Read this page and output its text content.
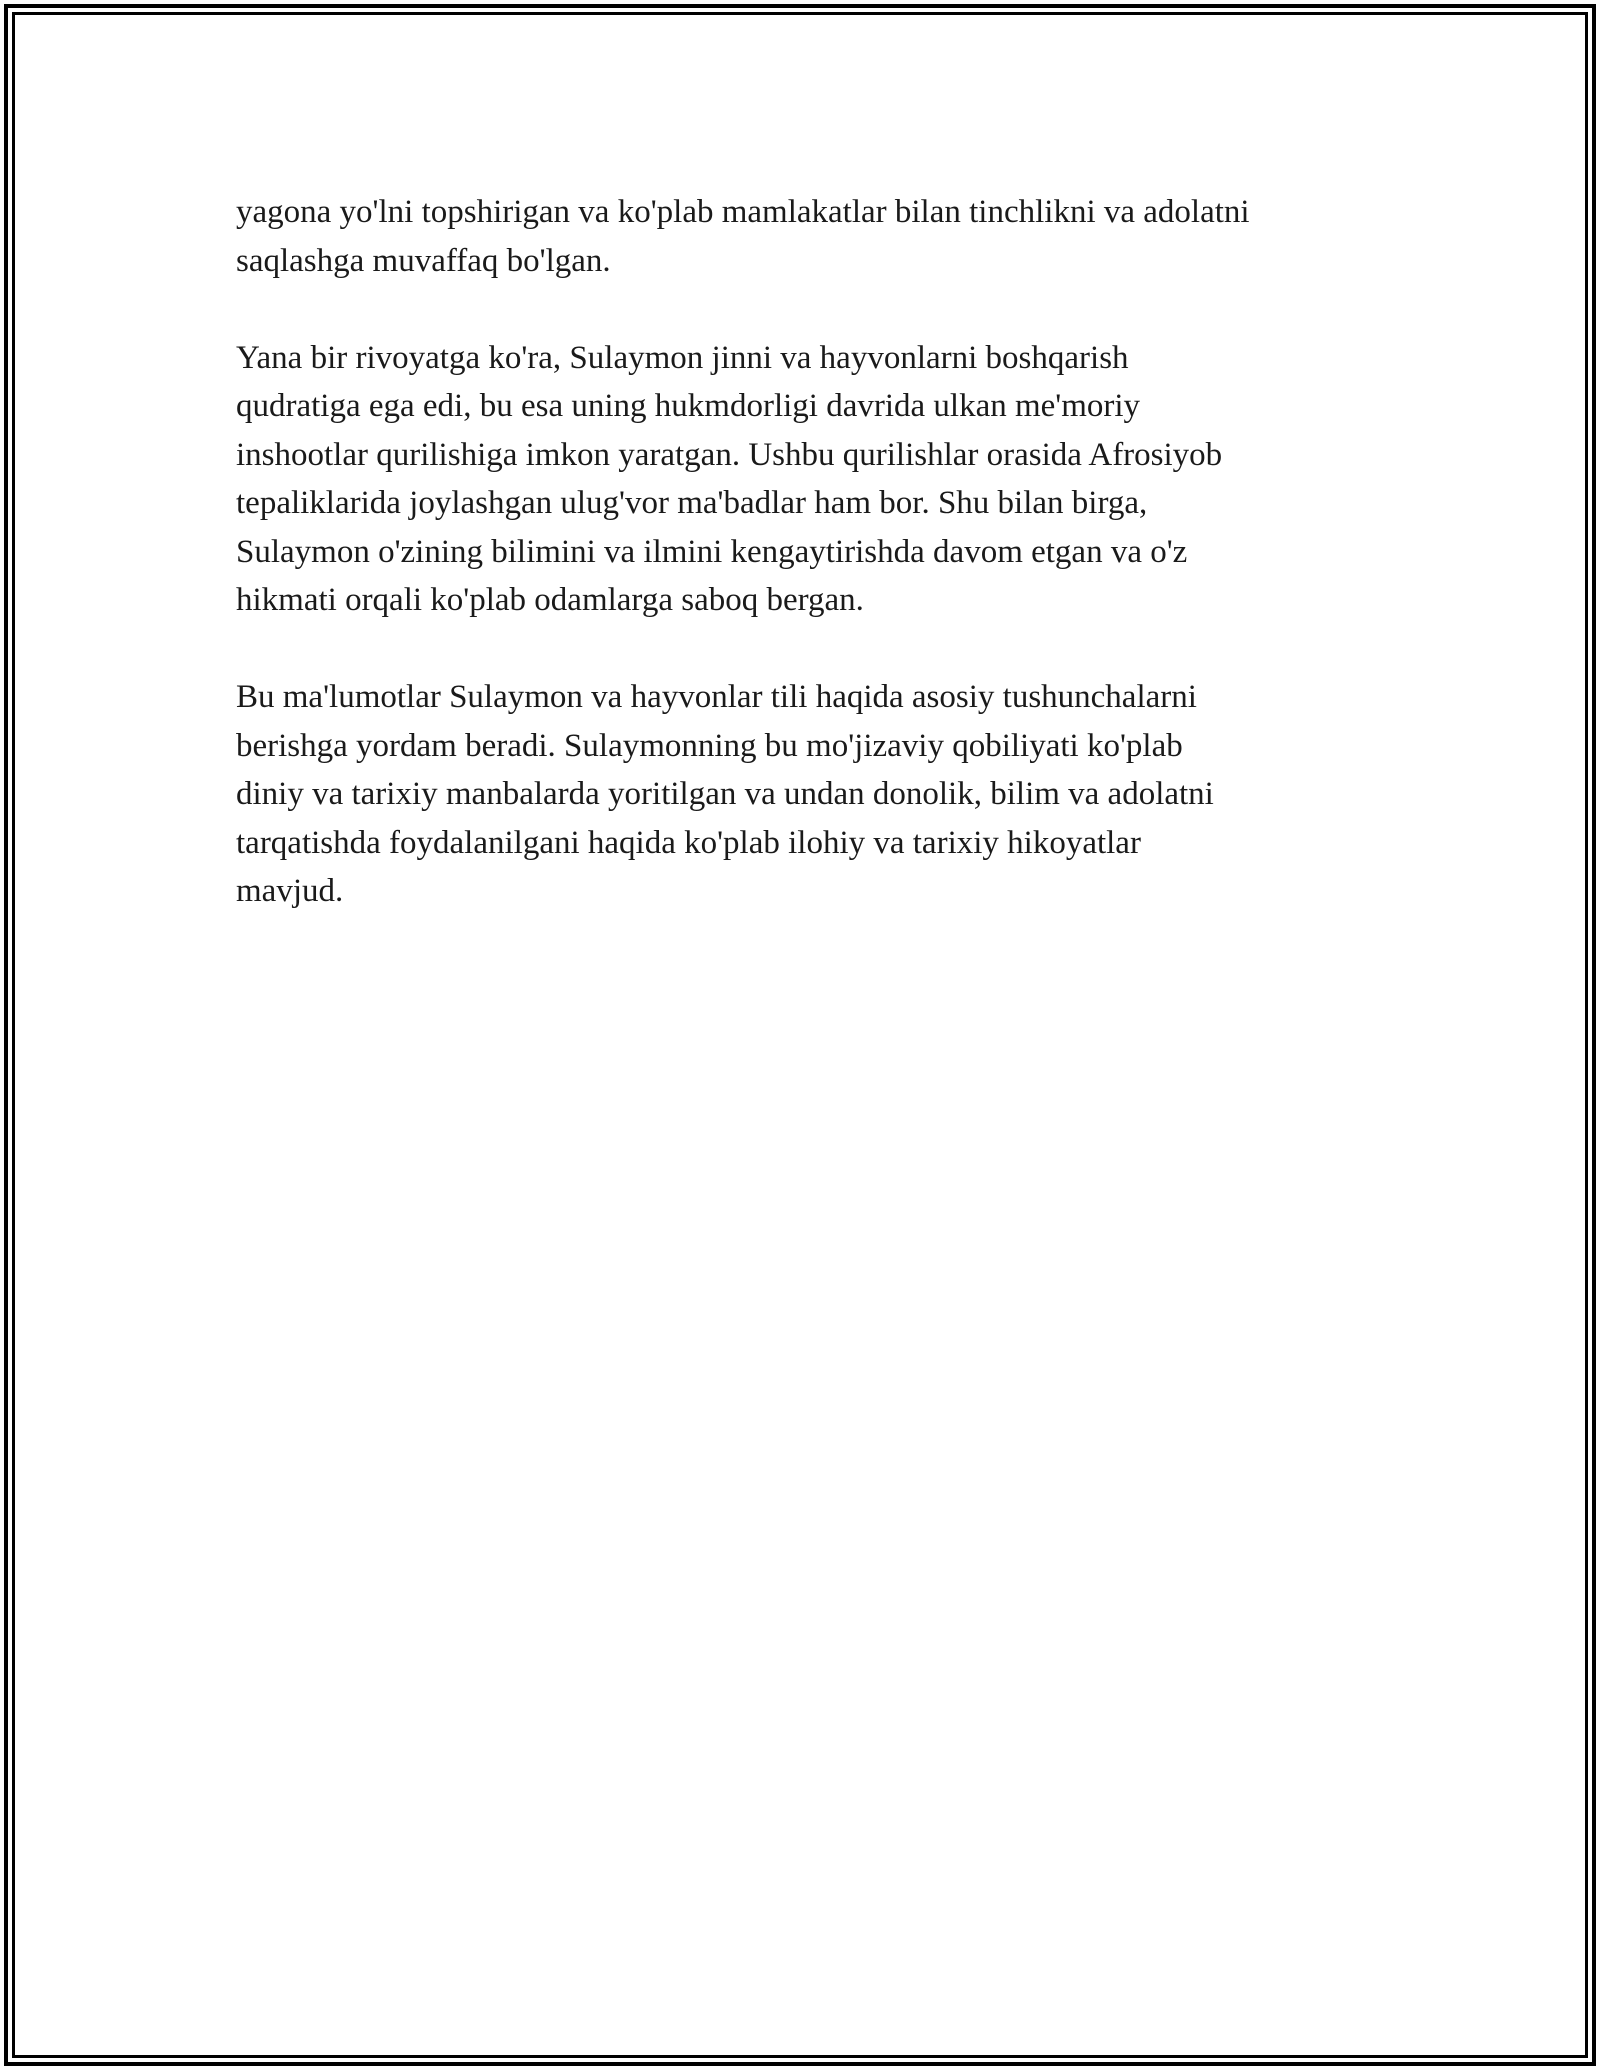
yagona yo'lni topshirigan va ko'plab mamlakatlar bilan tinchlikni va adolatni
saqlashga muvaffaq bo'lgan.

Yana bir rivoyatga ko'ra, Sulaymon jinni va hayvonlarni boshqarish
qudratiga ega edi, bu esa uning hukmdorligi davrida ulkan me'moriy
inshootlar qurilishiga imkon yaratgan. Ushbu qurilishlar orasida Afrosiyob
tepaliklarida joylashgan ulug'vor ma'badlar ham bor. Shu bilan birga,
Sulaymon o'zining bilimini va ilmini kengaytirishda davom etgan va o'z
hikmati orqali ko'plab odamlarga saboq bergan.

Bu ma'lumotlar Sulaymon va hayvonlar tili haqida asosiy tushunchalarni
berishga yordam beradi. Sulaymonning bu mo'jizaviy qobiliyati ko'plab
diniy va tarixiy manbalarda yoritilgan va undan donolik, bilim va adolatni
tarqatishda foydalanilgani haqida ko'plab ilohiy va tarixiy hikoyatlar
mavjud.
